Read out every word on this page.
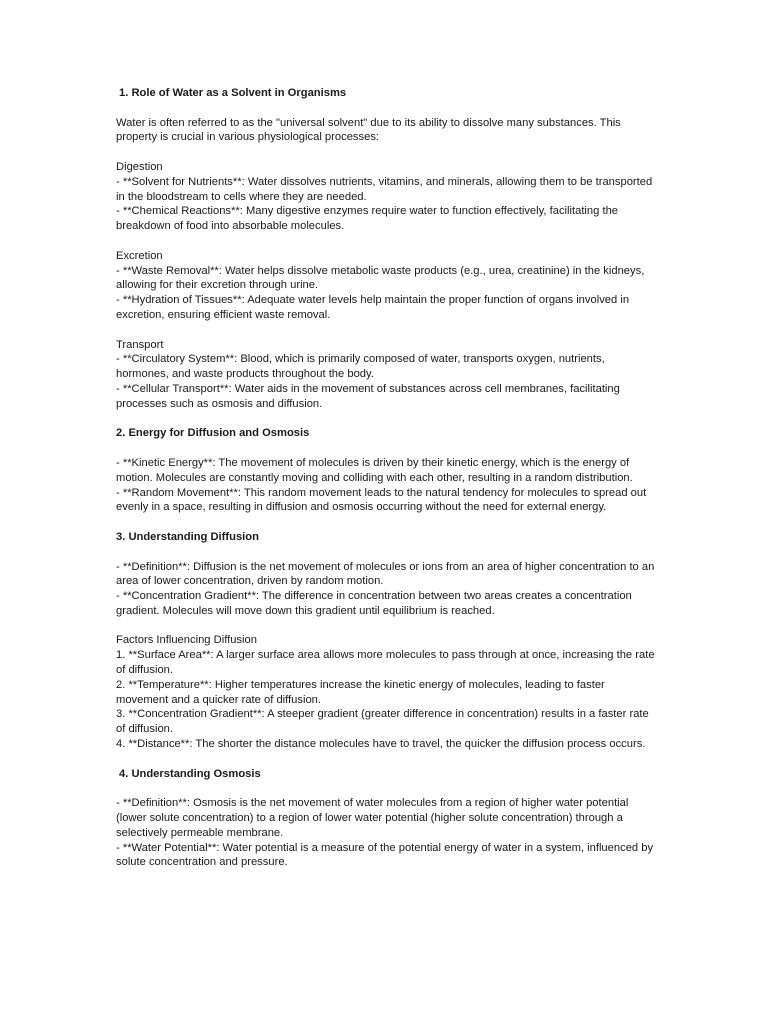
1. Role of Water as a Solvent in Organisms

Water is often referred to as the "universal solvent" due to its ability to dissolve many substances. This property is crucial in various physiological processes:

Digestion

- **Solvent for Nutrients**: Water dissolves nutrients, vitamins, and minerals, allowing them to be transported in the bloodstream to cells where they are needed.

- **Chemical Reactions**: Many digestive enzymes require water to function effectively, facilitating the breakdown of food into absorbable molecules.

Excretion

- **Waste Removal**: Water helps dissolve metabolic waste products (e.g., urea, creatinine) in the kidneys, allowing for their excretion through urine.

- **Hydration of Tissues**: Adequate water levels help maintain the proper function of organs involved in excretion, ensuring efficient waste removal.

Transport

- **Circulatory System**: Blood, which is primarily composed of water, transports oxygen, nutrients, hormones, and waste products throughout the body.

- **Cellular Transport**: Water aids in the movement of substances across cell membranes, facilitating processes such as osmosis and diffusion.

2. Energy for Diffusion and Osmosis

- **Kinetic Energy**: The movement of molecules is driven by their kinetic energy, which is the energy of motion. Molecules are constantly moving and colliding with each other, resulting in a random distribution.

- **Random Movement**: This random movement leads to the natural tendency for molecules to spread out evenly in a space, resulting in diffusion and osmosis occurring without the need for external energy.

3. Understanding Diffusion

- **Definition**: Diffusion is the net movement of molecules or ions from an area of higher concentration to an area of lower concentration, driven by random motion.

- **Concentration Gradient**: The difference in concentration between two areas creates a concentration gradient. Molecules will move down this gradient until equilibrium is reached.

Factors Influencing Diffusion

1. **Surface Area**: A larger surface area allows more molecules to pass through at once, increasing the rate of diffusion.

2. **Temperature**: Higher temperatures increase the kinetic energy of molecules, leading to faster movement and a quicker rate of diffusion.

3. **Concentration Gradient**: A steeper gradient (greater difference in concentration) results in a faster rate of diffusion.

4. **Distance**: The shorter the distance molecules have to travel, the quicker the diffusion process occurs.

4. Understanding Osmosis

- **Definition**: Osmosis is the net movement of water molecules from a region of higher water potential (lower solute concentration) to a region of lower water potential (higher solute concentration) through a selectively permeable membrane.

- **Water Potential**: Water potential is a measure of the potential energy of water in a system, influenced by solute concentration and pressure.
